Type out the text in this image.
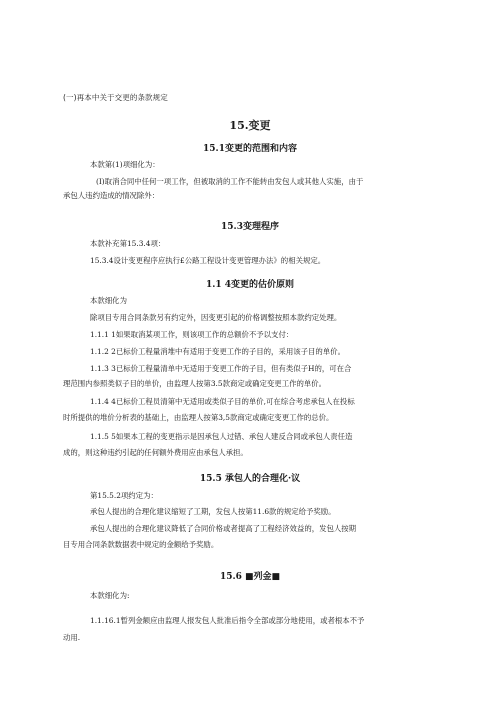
(一)再本中关于交更的条款规定
15.变更
15.1变更的范围和内容
本款第(1)项细化为：
(I)取消合同中任何一项工作，但被取消的工作不能转由发包人或其他人实施，由于
承包人违约造成的情况除外：
15.3变理程序
本款补充第15.3.4项：
15.3.4设计变更程序应执行£公路工程设计变更管理办法》的相关规定。
1.1 4变更的估价原则
本款细化为
除项目专用合同条款另有约定外，因变更引起的价格调整按照本款约定处理。
1.1.1 1如果取消某项工作，则该项工作的总额价不予以支付：
1.1.2 2已标价工程量消堆中有适用于变更工作的子目的，采用该子目的单价。
1.1.3 3已标价工程量清单中无适用于变更工作的子目，但有类似子H的，可在合
理范围内参照类似子目的单价，由监理人按第3.5款商定或确定变更工作的单价。
1.1.4 4已标价工程员清第中无适用或类似子目的单价,可在综合考虑承包人在投标
时所提供的堆价分析表的基础上，由监理人按第3,5款商定或确定变更工作的总价。
1.1.5 5如果本工程的变更指示是因承包人过错、承包人建反合同或承包人责任造
成的，则这种违约引起的任何额外费用应由承包人承担。
15.5 承包人的合理化·议
第15.5.2项约定为：
承包人提出的合理化建议缩短了工期，发包人按第11.6款的规定给予奖励。
承包人提出的合理化建议降低了合同价格或者提高了工程经济效益的，发包人按期
目专用合同条款数据表中规定的金额给予奖励。
15.6 ■列金■
本款细化为:
1.1.16.1暂列金额应由监理人报发包人批准后指令全部或部分地使用，或者根本不予
动用.
